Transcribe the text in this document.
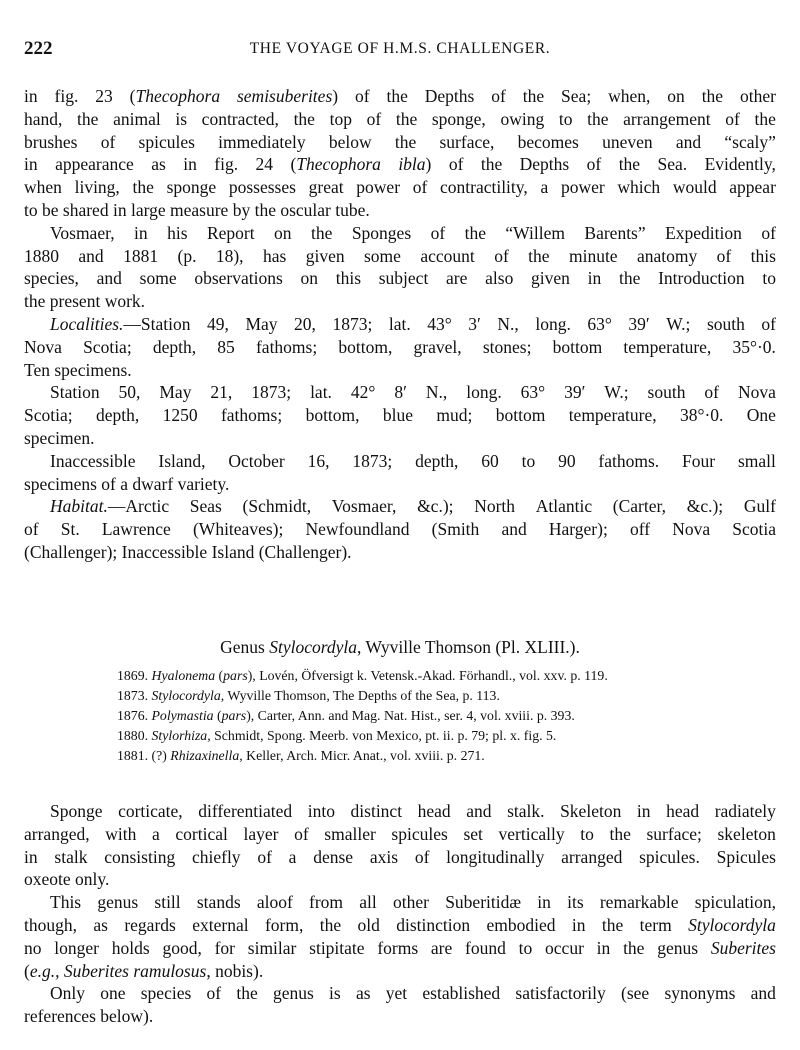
222	THE VOYAGE OF H.M.S. CHALLENGER.
in fig. 23 (Thecophora semisuberites) of the Depths of the Sea; when, on the other
hand, the animal is contracted, the top of the sponge, owing to the arrangement of the
brushes of spicules immediately below the surface, becomes uneven and “scaly”
in appearance as in fig. 24 (Thecophora ibla) of the Depths of the Sea. Evidently,
when living, the sponge possesses great power of contractility, a power which would appear
to be shared in large measure by the oscular tube.
Vosmaer, in his Report on the Sponges of the “Willem Barents” Expedition of
1880 and 1881 (p. 18), has given some account of the minute anatomy of this
species, and some observations on this subject are also given in the Introduction to
the present work.
Localities.—Station 49, May 20, 1873; lat. 43° 3′ N., long. 63° 39′ W.; south of
Nova Scotia; depth, 85 fathoms; bottom, gravel, stones; bottom temperature, 35°·0.
Ten specimens.
Station 50, May 21, 1873; lat. 42° 8′ N., long. 63° 39′ W.; south of Nova
Scotia; depth, 1250 fathoms; bottom, blue mud; bottom temperature, 38°·0. One
specimen.
Inaccessible Island, October 16, 1873; depth, 60 to 90 fathoms. Four small
specimens of a dwarf variety.
Habitat.—Arctic Seas (Schmidt, Vosmaer, &c.); North Atlantic (Carter, &c.); Gulf
of St. Lawrence (Whiteaves); Newfoundland (Smith and Harger); off Nova Scotia
(Challenger); Inaccessible Island (Challenger).
Genus Stylocordyla, Wyville Thomson (Pl. XLIII.).
1869. Hyalonema (pars), Lovén, Öfversigt k. Vetensk.-Akad. Förhandl., vol. xxv. p. 119.
1873. Stylocordyla, Wyville Thomson, The Depths of the Sea, p. 113.
1876. Polymastia (pars), Carter, Ann. and Mag. Nat. Hist., ser. 4, vol. xviii. p. 393.
1880. Stylorhiza, Schmidt, Spong. Meerb. von Mexico, pt. ii. p. 79; pl. x. fig. 5.
1881. (?) Rhizaxinella, Keller, Arch. Micr. Anat., vol. xviii. p. 271.
Sponge corticate, differentiated into distinct head and stalk. Skeleton in head radiately
arranged, with a cortical layer of smaller spicules set vertically to the surface; skeleton
in stalk consisting chiefly of a dense axis of longitudinally arranged spicules. Spicules
oxeote only.
This genus still stands aloof from all other Suberitidæ in its remarkable spiculation,
though, as regards external form, the old distinction embodied in the term Stylocordyla
no longer holds good, for similar stipitate forms are found to occur in the genus Suberites
(e.g., Suberites ramulosus, nobis).
Only one species of the genus is as yet established satisfactorily (see synonyms and
references below).
